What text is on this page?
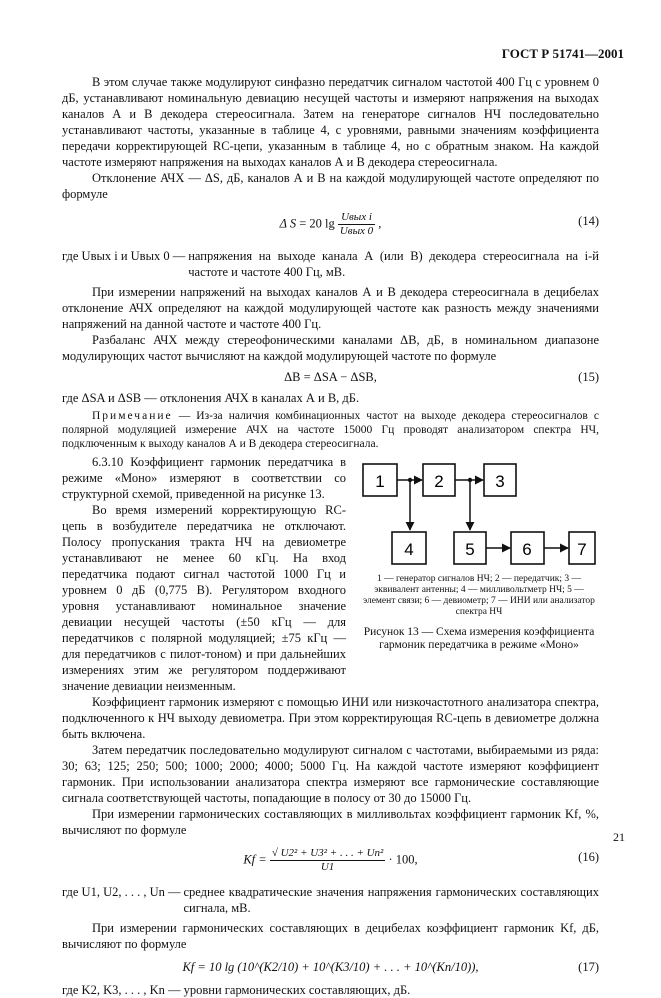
ГОСТ Р 51741—2001

В этом случае также модулируют синфазно передатчик сигналом частотой 400 Гц с уровнем 0 дБ, устанавливают номинальную девиацию несущей частоты и измеряют напряжения на выходах каналов А и В декодера стереосигнала. Затем на генераторе сигналов НЧ последовательно устанавливают частоты, указанные в таблице 4, с уровнями, равными значениям коэффициента передачи корректирующей RC-цепи, указанным в таблице 4, но с обратным знаком. На каждой частоте измеряют напряжения на выходах каналов А и В декодера стереосигнала.

Отклонение АЧХ — ΔS, дБ, каналов А и В на каждой модулирующей частоте определяют по формуле

Δ S = 20 $\lg \frac{\text{Uвых i}}{\text{Uвых 0}}$ ,	(14)
где Uвых i и Uвых 0 — напряжения на выходе канала А (или В) декодера стереосигнала на i-й частоте и частоте 400 Гц, мВ.

При измерении напряжений на выходах каналов А и В декодера стереосигнала в децибелах отклонение АЧХ определяют на каждой модулирующей частоте как разность между значениями напряжений на данной частоте и частоте 400 Гц.

Разбаланс АЧХ между стереофоническими каналами ΔВ, дБ, в номинальном диапазоне модулирующих частот вычисляют на каждой модулирующей частоте по формуле

ΔB = ΔSA − ΔSB,	(15)

где ΔSA и ΔSB — отклонения АЧХ в каналах А и В, дБ.

Примечание — Из-за наличия комбинационных частот на выходе декодера стереосигналов с полярной модуляцией измерение АЧХ на частоте 15000 Гц проводят анализатором спектра НЧ, подключенным к выходу каналов А и В декодера стереосигнала.

6.3.10 Коэффициент гармоник передатчика в режиме «Моно» измеряют в соответствии со структурной схемой, приведенной на рисунке 13.

Во время измерений корректирующую RC-цепь в возбудителе передатчика не отключают. Полосу пропускания тракта НЧ на девиометре устанавливают не менее 60 кГц. На вход передатчика подают сигнал частотой 1000 Гц и уровнем 0 дБ (0,775 В). Регулятором входного уровня устанавливают номинальное значение девиации несущей частоты (±50 кГц — для передатчиков с полярной модуляцией; ±75 кГц — для передатчиков с пилот-тоном) и при дальнейших измерениях этим же регулятором поддерживают значение девиации неизменным.

1	2	3
4	5	6	7
1 — генератор сигналов НЧ; 2 — передатчик; 3 — эквивалент антенны; 4 — милливольтметр НЧ; 5 — элемент связи; 6 — девиометр; 7 — ИНИ или анализатор спектра НЧ
Рисунок 13 — Схема измерения коэффициента гармоник передатчика в режиме «Моно»

Коэффициент гармоник измеряют с помощью ИНИ или низкочастотного анализатора спектра, подключенного к НЧ выходу девиометра. При этом корректирующая RC-цепь в девиометре должна быть включена.

Затем передатчик последовательно модулируют сигналом с частотами, выбираемыми из ряда: 30; 63; 125; 250; 500; 1000; 2000; 4000; 5000 Гц. На каждой частоте измеряют коэффициент гармоник. При использовании анализатора спектра измеряют все гармонические составляющие сигнала соответствующей частоты, попадающие в полосу от 30 до 15000 Гц.

При измерении гармонических составляющих в милливольтах коэффициент гармоник Kf, %, вычисляют по формуле

$Kf = \frac{\text{√ U2² + U3² + . . . + Un²}}{U1} \cdot 100$,	(16)
где U1, U2, . . . , Un — среднее квадратические значения напряжения гармонических составляющих сигнала, мВ.

При измерении гармонических составляющих в децибелах коэффициент гармоник Kf, дБ, вычисляют по формуле

Kf = 10 lg (10^(K2/10) + 10^(K3/10) + . . . + 10^(Kn/10)),	(17)

где K2, K3, . . . , Kn — уровни гармонических составляющих, дБ.

21
